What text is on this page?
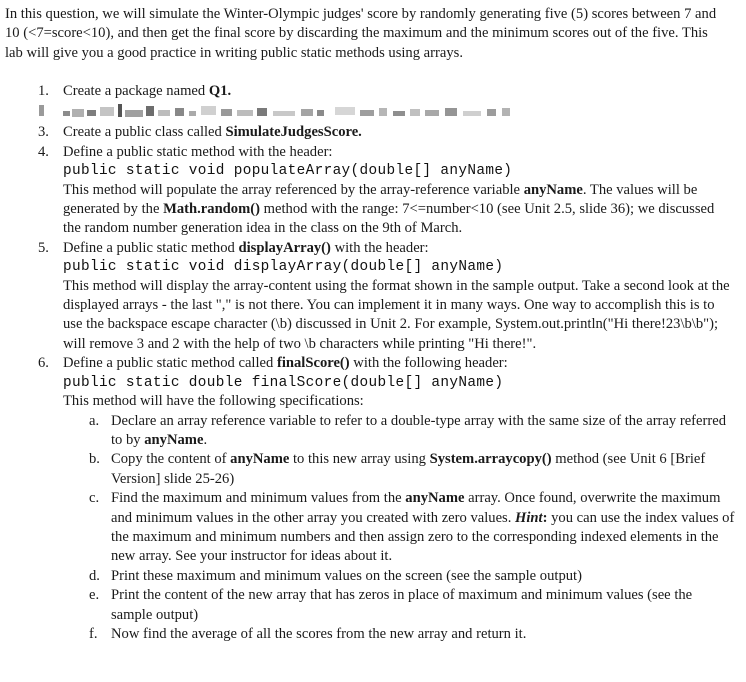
In this question, we will simulate the Winter-Olympic judges' score by randomly generating five (5) scores between 7 and 10 (<7=score<10), and then get the final score by discarding the maximum and the minimum scores out of the five. This lab will give you a good practice in writing public static methods using arrays.

1. Create a package named Q1.
3. Create a public class called SimulateJudgesScore.
4. Define a public static method with the header:
public static void populateArray(double[] anyName)
This method will populate the array referenced by the array-reference variable anyName. The values will be generated by the Math.random() method with the range: 7<=number<10 (see Unit 2.5, slide 36); we discussed the random number generation idea in the class on the 9th of March.
5. Define a public static method displayArray() with the header:
public static void displayArray(double[] anyName)
This method will display the array-content using the format shown in the sample output. Take a second look at the displayed arrays - the last "," is not there. You can implement it in many ways. One way to accomplish this is to use the backspace escape character (\b) discussed in Unit 2. For example, System.out.println("Hi there!23\b\b"); will remove 3 and 2 with the help of two \b characters while printing "Hi there!".
6. Define a public static method called finalScore() with the following header:
public static double finalScore(double[] anyName)
This method will have the following specifications:
a. Declare an array reference variable to refer to a double-type array with the same size of the array referred to by anyName.
b. Copy the content of anyName to this new array using System.arraycopy() method (see Unit 6 [Brief Version] slide 25-26)
c. Find the maximum and minimum values from the anyName array. Once found, overwrite the maximum and minimum values in the other array you created with zero values. Hint: you can use the index values of the maximum and minimum numbers and then assign zero to the corresponding indexed elements in the new array. See your instructor for ideas about it.
d. Print these maximum and minimum values on the screen (see the sample output)
e. Print the content of the new array that has zeros in place of maximum and minimum values (see the sample output)
f. Now find the average of all the scores from the new array and return it.
